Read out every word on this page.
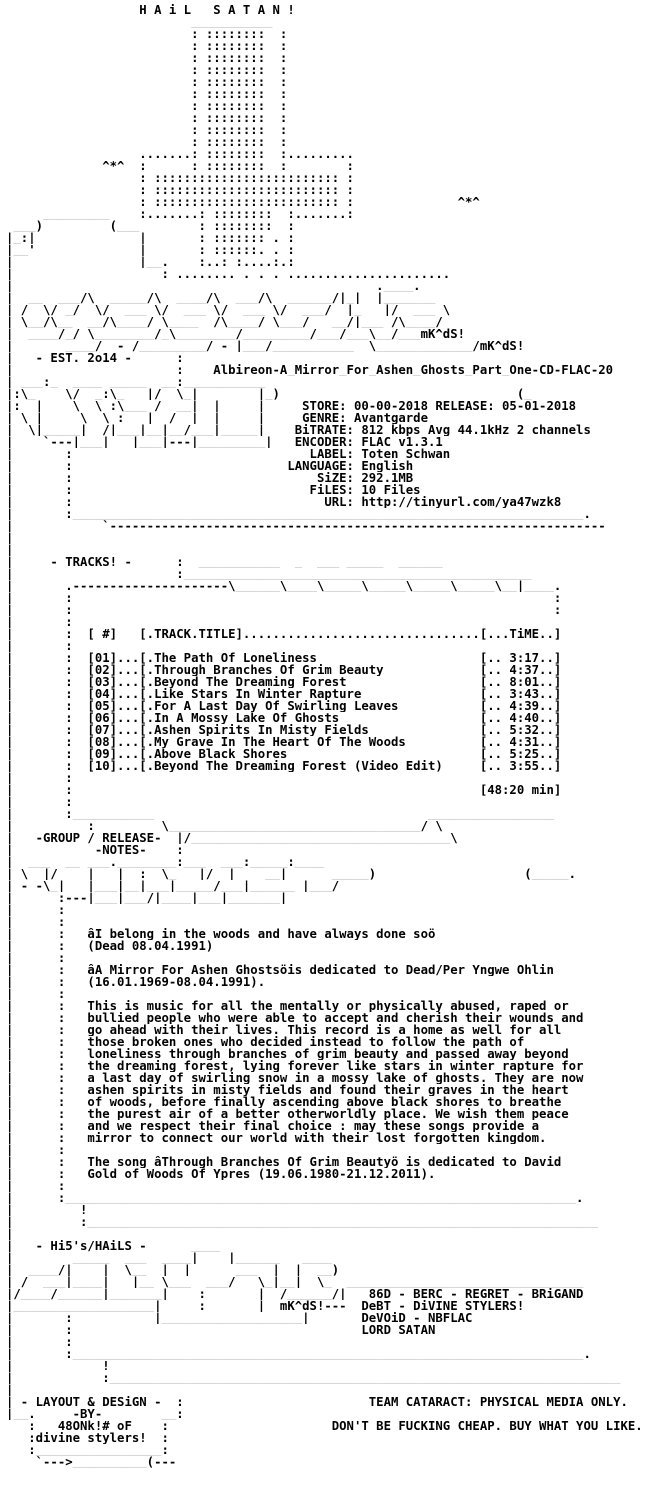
H A i L   S A T A N !
___________
: ::::::::  :
: ::::::::  :
: ::::::::  :
: ::::::::  :
: ::::::::  :
: ::::::::  :
: ::::::::  :
: ::::::::  :
: ::::::::  :
: ::::::::  :
.......: ::::::::  :.........
^*^  :      : ::::::::  :        :
: ::::::::::::::::::::::::: :
: ::::::::::::::::::::::::: :
: ::::::::::::::::::::::::: :              ^*^
_________    :.......: ::::::::  :.......:
___)         (___        : ::::::::  :
|_:|              |       : ::::::: . :
|__'              |       : ::::::. . :
|                 |__.    :..: :....:.:
|                    : ........ . . . ......................
|                                                 .____.
|  __  ___/\  _____/\  ____/\  ___/\  ______/|_|  |_______
| /  \/ _/  \/  ___ \/  ___ \/  ___ \/  ___/  |_   |/  ___ \
| \__/\__  __/\____/ \____  /\____/ \___/   __/|___ /\____/
|  ____/_/ \________/_\________/_________/___/___\__/___mK^dS!
|       ____/  - /_________/ - |___/___________  \_____________/mK^dS!
|   - EST. 2o14 -      :
|                      :    Albireon-A_Mirror_For_Ashen_Ghosts_Part_One-CD-FLAC-20
| ___:_  ____ _____  __:___________
|:\_    \/  _:\_   |/  \_|        |_)                                (_
|:  |    \  \ :\___ /  __|  |     |     STORE: 00-00-2018 RELEASE: 05-01-2018
| \ |     \  \ :   |  /  |  |     |     GENRE: Avantgarde
|  \|_____|  /|___|__|__/___|_____|    BiTRATE: 812 kbps Avg 44.1kHz 2 channels
|    `---|___|   |___|---|_________|   ENCODER: FLAC v1.3.1
|       :                                LABEL: Toten Schwan
|       :                             LANGUAGE: English
|       :                                 SiZE: 292.1MB
|       :                                FiLES: 10 Files
|       :                                  URL: http://tinyurl.com/ya47wzk8
|       :_____________________________________________________________________.
|            `-------------------------------------------------------------------
|
|
|     - TRACKS! -      :  ___________  _  ___ _____  ______
|                      :_______________________________________________
|       .---------------------\______\____\_____\_____\_____\_____\__|____.
|       :                                                                 :
|       :                                                                 :
|       :
|       :  [ #]   [.TRACK.TITLE]................................[...TiME..]
|       :
|       :  [01]...[.The Path Of Loneliness                      [.. 3:17..]
|       :  [02]...[.Through Branches Of Grim Beauty             [.. 4:37..]
|       :  [03]...[.Beyond The Dreaming Forest                  [.. 8:01..]
|       :  [04]...[.Like Stars In Winter Rapture                [.. 3:43..]
|       :  [05]...[.For A Last Day Of Swirling Leaves           [.. 4:39..]
|       :  [06]...[.In A Mossy Lake Of Ghosts                   [.. 4:40..]
|       :  [07]...[.Ashen Spirits In Misty Fields               [.. 5:32..]
|       :  [08]...[.My Grave In The Heart Of The Woods          [.. 4:31..]
|       :  [09]...[.Above Black Shores                          [.. 5:25..]
|       :  [10]...[.Beyond The Dreaming Forest (Video Edit)     [.. 3:55..]
|       :
|       :                                                       [48:20 min]
|       :
|       :___________                                     _________________
|          :         \__________________________________/ \
|   -GROUP / RELEASE-  |/___________________________________\
|           -NOTES-    :
|  ___  __ ___.________:___  ___:_____:____
| \  |/    |   |  :  \_   |/  |    __|      _____)                    (_____.
| - -\_|   |___|__|___|_____/___|______ |___/
|      :---|___|___/|____|___|_______|
|      :
|      :
|      :   âI belong in the woods and have always done soö
|      :   (Dead 08.04.1991)
|      :
|      :   âA Mirror For Ashen Ghostsöis dedicated to Dead/Per Yngwe Ohlin
|      :   (16.01.1969-08.04.1991).
|      :
|      :   This is music for all the mentally or physically abused, raped or
|      :   bullied people who were able to accept and cherish their wounds and
|      :   go ahead with their lives. This record is a home as well for all
|      :   those broken ones who decided instead to follow the path of
|      :   loneliness through branches of grim beauty and passed away beyond
|      :   the dreaming forest, lying forever like stars in winter rapture for
|      :   a last day of swirling snow in a mossy lake of ghosts. They are now
|      :   ashen spirits in misty fields and found their graves in the heart
|      :   of woods, before finally ascending above black shores to breathe
|      :   the purest air of a better otherworldly place. We wish them peace
|      :   and we respect their final choice : may these songs provide a
|      :   mirror to connect our world with their lost forgotten kingdom.
|      :
|      :   The song âThrough Branches Of Grim Beautyö is dedicated to David
|      :   Gold of Woods Of Ypres (19.06.1980-21.12.2011).
|      :
|      :_____________________________________________________________________.
|         !
|         :_____________________________________________________________________
|
|   - Hi5's/HAiLS -      ____
|        _____  ___  ____|    |______   ____
|  ____/|    |  \__  |  |      ___  |  |  __)
| /  ___|____|   |__ \___  ___/   \_|__|  \_  ________________________________
|/____/______|_______|    :       |  /______/|   86D - BERC - REGRET - BRiGAND
|___________________|     :       |  mK^dS!---  DeBT - DiVINE STYLERS!
|       :           |___________________|       DeVOiD - NBFLAC
|       :                                       LORD SATAN
|       :
|       :_____________________________________________________________________.
|            !
|            :_____________________________________________________________________
|
| - LAYOUT & DESiGN -  :                         TEAM CATARACT: PHYSICAL MEDIA ONLY.
|__.     -BY-        __:
:   48ONk!# oF    :                      DON'T BE FUCKING CHEAP. BUY WHAT YOU LIKE.
:divine stylers!  :
:_________________:
`--->__________(---
